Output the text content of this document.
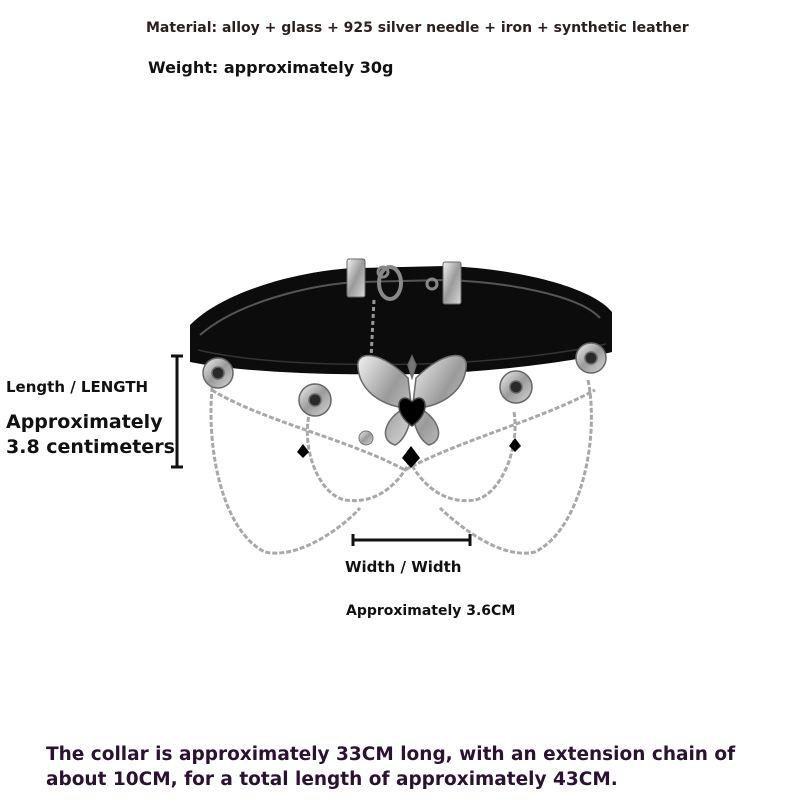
Material: alloy + glass + 925 silver needle + iron + synthetic leather
Weight: approximately 30g
Length / LENGTH
Approximately
3.8 centimeters
Width / Width
Approximately 3.6CM
The collar is approximately 33CM long, with an extension chain of
about 10CM, for a total length of approximately 43CM.
